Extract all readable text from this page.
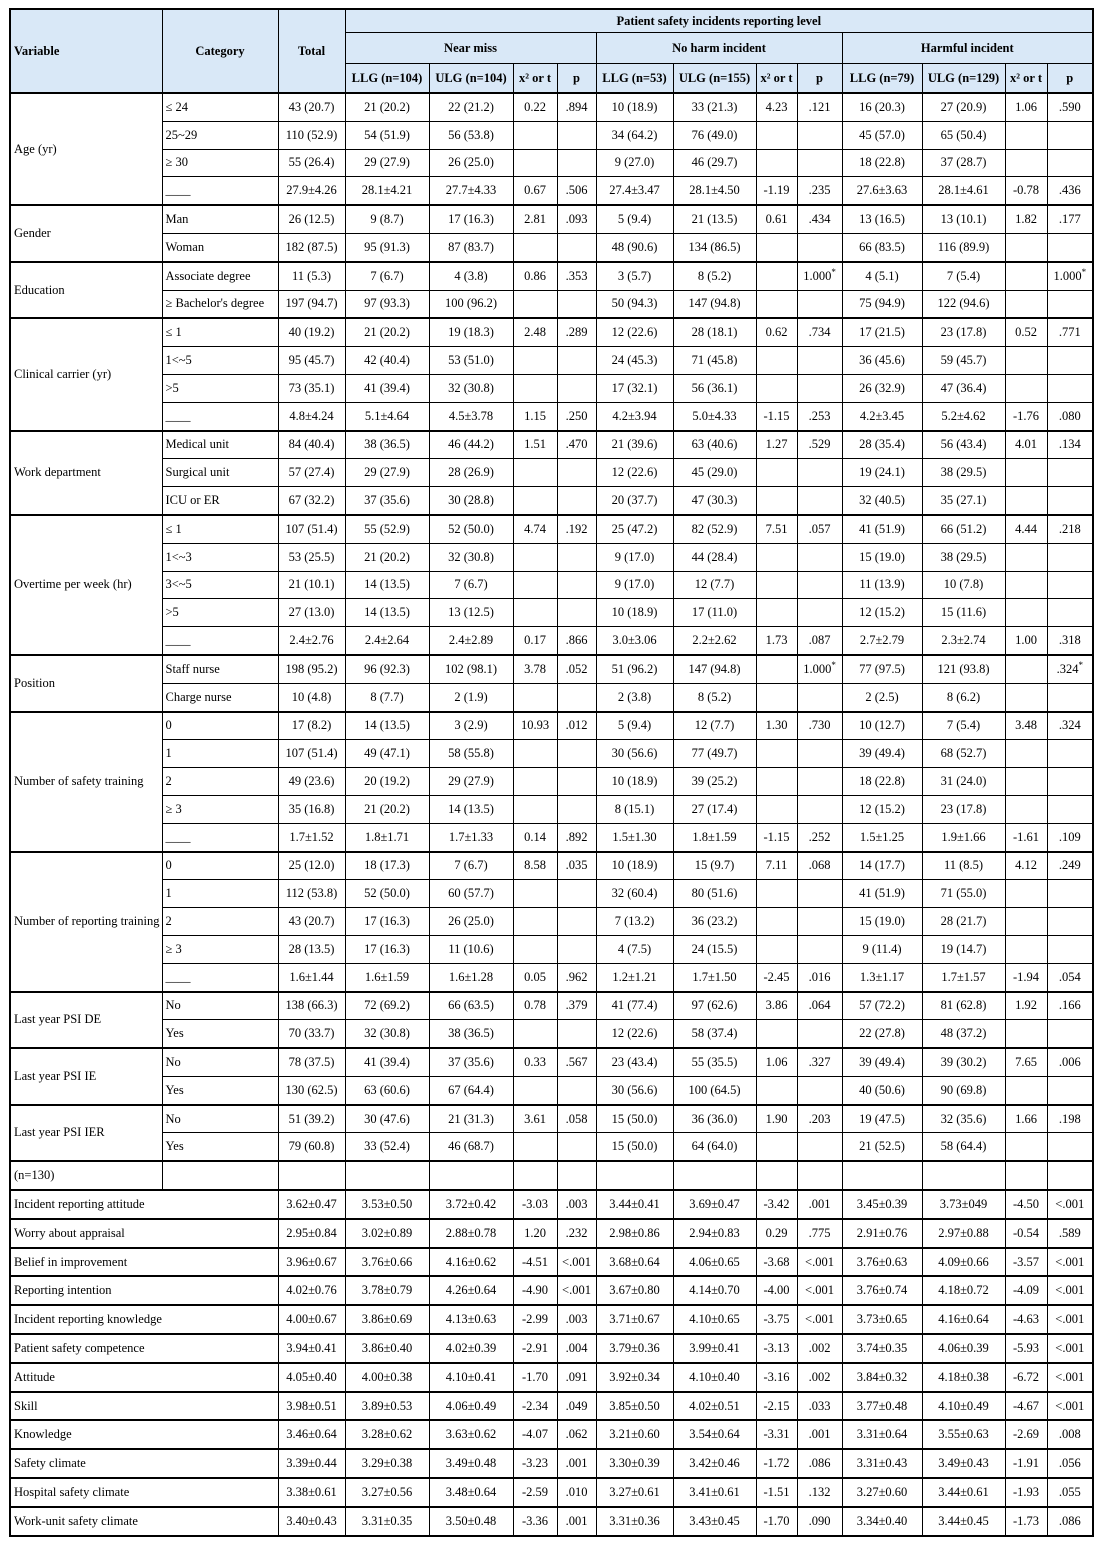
Variable	Category	Total	Patient safety incidents reporting level											
			Near miss				No harm incident				Harmful incident			
			LLG (n=104)	ULG (n=104)	x² or t	p	LLG (n=53)	ULG (n=155)	x² or t	p	LLG (n=79)	ULG (n=129)	x² or t	p
Age (yr)	≤ 24	43 (20.7)	21 (20.2)	22 (21.2)	0.22	.894	10 (18.9)	33 (21.3)	4.23	.121	16 (20.3)	27 (20.9)	1.06	.590
	25~29	110 (52.9)	54 (51.9)	56 (53.8)			34 (64.2)	76 (49.0)			45 (57.0)	65 (50.4)		
	≥ 30	55 (26.4)	29 (27.9)	26 (25.0)			9 (27.0)	46 (29.7)			18 (22.8)	37 (28.7)		
	____	27.9±4.26	28.1±4.21	27.7±4.33	0.67	.506	27.4±3.47	28.1±4.50	-1.19	.235	27.6±3.63	28.1±4.61	-0.78	.436
Gender	Man	26 (12.5)	9 (8.7)	17 (16.3)	2.81	.093	5 (9.4)	21 (13.5)	0.61	.434	13 (16.5)	13 (10.1)	1.82	.177
	Woman	182 (87.5)	95 (91.3)	87 (83.7)			48 (90.6)	134 (86.5)			66 (83.5)	116 (89.9)		
Education	Associate degree	11 (5.3)	7 (6.7)	4 (3.8)	0.86	.353	3 (5.7)	8 (5.2)		1.000*	4 (5.1)	7 (5.4)		1.000*
	≥ Bachelor's degree	197 (94.7)	97 (93.3)	100 (96.2)			50 (94.3)	147 (94.8)			75 (94.9)	122 (94.6)		
Clinical carrier (yr)	≤ 1	40 (19.2)	21 (20.2)	19 (18.3)	2.48	.289	12 (22.6)	28 (18.1)	0.62	.734	17 (21.5)	23 (17.8)	0.52	.771
	1<~5	95 (45.7)	42 (40.4)	53 (51.0)			24 (45.3)	71 (45.8)			36 (45.6)	59 (45.7)		
	>5	73 (35.1)	41 (39.4)	32 (30.8)			17 (32.1)	56 (36.1)			26 (32.9)	47 (36.4)		
	____	4.8±4.24	5.1±4.64	4.5±3.78	1.15	.250	4.2±3.94	5.0±4.33	-1.15	.253	4.2±3.45	5.2±4.62	-1.76	.080
Work department	Medical unit	84 (40.4)	38 (36.5)	46 (44.2)	1.51	.470	21 (39.6)	63 (40.6)	1.27	.529	28 (35.4)	56 (43.4)	4.01	.134
	Surgical unit	57 (27.4)	29 (27.9)	28 (26.9)			12 (22.6)	45 (29.0)			19 (24.1)	38 (29.5)		
	ICU or ER	67 (32.2)	37 (35.6)	30 (28.8)			20 (37.7)	47 (30.3)			32 (40.5)	35 (27.1)		
Overtime per week (hr)	≤ 1	107 (51.4)	55 (52.9)	52 (50.0)	4.74	.192	25 (47.2)	82 (52.9)	7.51	.057	41 (51.9)	66 (51.2)	4.44	.218
	1<~3	53 (25.5)	21 (20.2)	32 (30.8)			9 (17.0)	44 (28.4)			15 (19.0)	38 (29.5)		
	3<~5	21 (10.1)	14 (13.5)	7 (6.7)			9 (17.0)	12 (7.7)			11 (13.9)	10 (7.8)		
	>5	27 (13.0)	14 (13.5)	13 (12.5)			10 (18.9)	17 (11.0)			12 (15.2)	15 (11.6)		
	____	2.4±2.76	2.4±2.64	2.4±2.89	0.17	.866	3.0±3.06	2.2±2.62	1.73	.087	2.7±2.79	2.3±2.74	1.00	.318
Position	Staff nurse	198 (95.2)	96 (92.3)	102 (98.1)	3.78	.052	51 (96.2)	147 (94.8)		1.000*	77 (97.5)	121 (93.8)		.324*
	Charge nurse	10 (4.8)	8 (7.7)	2 (1.9)			2 (3.8)	8 (5.2)			2 (2.5)	8 (6.2)		
Number of safety training	0	17 (8.2)	14 (13.5)	3 (2.9)	10.93	.012	5 (9.4)	12 (7.7)	1.30	.730	10 (12.7)	7 (5.4)	3.48	.324
	1	107 (51.4)	49 (47.1)	58 (55.8)			30 (56.6)	77 (49.7)			39 (49.4)	68 (52.7)		
	2	49 (23.6)	20 (19.2)	29 (27.9)			10 (18.9)	39 (25.2)			18 (22.8)	31 (24.0)		
	≥ 3	35 (16.8)	21 (20.2)	14 (13.5)			8 (15.1)	27 (17.4)			12 (15.2)	23 (17.8)		
	____	1.7±1.52	1.8±1.71	1.7±1.33	0.14	.892	1.5±1.30	1.8±1.59	-1.15	.252	1.5±1.25	1.9±1.66	-1.61	.109
Number of reporting training	0	25 (12.0)	18 (17.3)	7 (6.7)	8.58	.035	10 (18.9)	15 (9.7)	7.11	.068	14 (17.7)	11 (8.5)	4.12	.249
	1	112 (53.8)	52 (50.0)	60 (57.7)			32 (60.4)	80 (51.6)			41 (51.9)	71 (55.0)		
	2	43 (20.7)	17 (16.3)	26 (25.0)			7 (13.2)	36 (23.2)			15 (19.0)	28 (21.7)		
	≥ 3	28 (13.5)	17 (16.3)	11 (10.6)			4 (7.5)	24 (15.5)			9 (11.4)	19 (14.7)		
	____	1.6±1.44	1.6±1.59	1.6±1.28	0.05	.962	1.2±1.21	1.7±1.50	-2.45	.016	1.3±1.17	1.7±1.57	-1.94	.054
Last year PSI DE	No	138 (66.3)	72 (69.2)	66 (63.5)	0.78	.379	41 (77.4)	97 (62.6)	3.86	.064	57 (72.2)	81 (62.8)	1.92	.166
	Yes	70 (33.7)	32 (30.8)	38 (36.5)			12 (22.6)	58 (37.4)			22 (27.8)	48 (37.2)		
Last year PSI IE	No	78 (37.5)	41 (39.4)	37 (35.6)	0.33	.567	23 (43.4)	55 (35.5)	1.06	.327	39 (49.4)	39 (30.2)	7.65	.006
	Yes	130 (62.5)	63 (60.6)	67 (64.4)			30 (56.6)	100 (64.5)			40 (50.6)	90 (69.8)		
Last year PSI IER	No	51 (39.2)	30 (47.6)	21 (31.3)	3.61	.058	15 (50.0)	36 (36.0)	1.90	.203	19 (47.5)	32 (35.6)	1.66	.198
	Yes	79 (60.8)	33 (52.4)	46 (68.7)			15 (50.0)	64 (64.0)			21 (52.5)	58 (64.4)		
(n=130)														
Incident reporting attitude		3.62±0.47	3.53±0.50	3.72±0.42	-3.03	.003	3.44±0.41	3.69±0.47	-3.42	.001	3.45±0.39	3.73±049	-4.50	<.001
Worry about appraisal		2.95±0.84	3.02±0.89	2.88±0.78	1.20	.232	2.98±0.86	2.94±0.83	0.29	.775	2.91±0.76	2.97±0.88	-0.54	.589
Belief in improvement		3.96±0.67	3.76±0.66	4.16±0.62	-4.51	<.001	3.68±0.64	4.06±0.65	-3.68	<.001	3.76±0.63	4.09±0.66	-3.57	<.001
Reporting intention		4.02±0.76	3.78±0.79	4.26±0.64	-4.90	<.001	3.67±0.80	4.14±0.70	-4.00	<.001	3.76±0.74	4.18±0.72	-4.09	<.001
Incident reporting knowledge		4.00±0.67	3.86±0.69	4.13±0.63	-2.99	.003	3.71±0.67	4.10±0.65	-3.75	<.001	3.73±0.65	4.16±0.64	-4.63	<.001
Patient safety competence		3.94±0.41	3.86±0.40	4.02±0.39	-2.91	.004	3.79±0.36	3.99±0.41	-3.13	.002	3.74±0.35	4.06±0.39	-5.93	<.001
Attitude		4.05±0.40	4.00±0.38	4.10±0.41	-1.70	.091	3.92±0.34	4.10±0.40	-3.16	.002	3.84±0.32	4.18±0.38	-6.72	<.001
Skill		3.98±0.51	3.89±0.53	4.06±0.49	-2.34	.049	3.85±0.50	4.02±0.51	-2.15	.033	3.77±0.48	4.10±0.49	-4.67	<.001
Knowledge		3.46±0.64	3.28±0.62	3.63±0.62	-4.07	.062	3.21±0.60	3.54±0.64	-3.31	.001	3.31±0.64	3.55±0.63	-2.69	.008
Safety climate		3.39±0.44	3.29±0.38	3.49±0.48	-3.23	.001	3.30±0.39	3.42±0.46	-1.72	.086	3.31±0.43	3.49±0.43	-1.91	.056
Hospital safety climate		3.38±0.61	3.27±0.56	3.48±0.64	-2.59	.010	3.27±0.61	3.41±0.61	-1.51	.132	3.27±0.60	3.44±0.61	-1.93	.055
Work-unit safety climate		3.40±0.43	3.31±0.35	3.50±0.48	-3.36	.001	3.31±0.36	3.43±0.45	-1.70	.090	3.34±0.40	3.44±0.45	-1.73	.086
